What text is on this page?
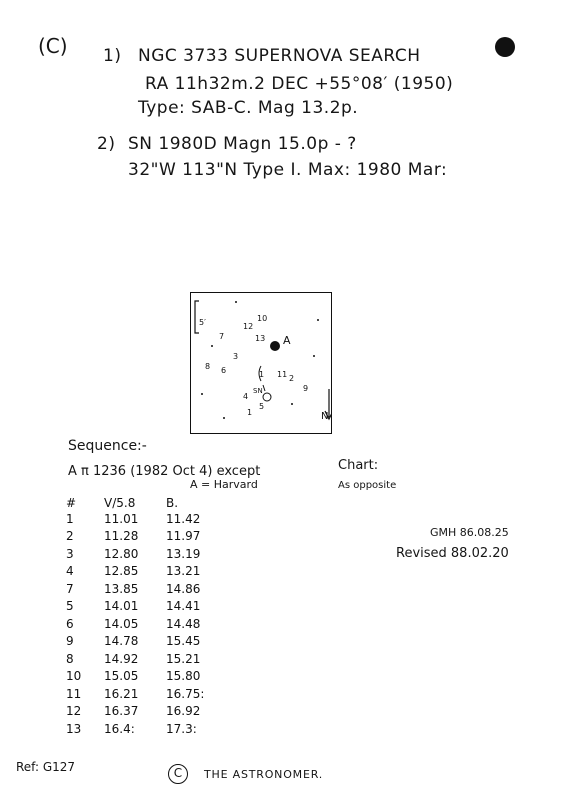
(C) 1) NGC 3733 SUPERNOVA SEARCH
RA 11h32m.2 DEC +55°08′ (1950)
Type: SAB-C. Mag 13.2p.
2) SN 1980D Magn 15.0p - ?
32"W 113"N Type I. Max: 1980 Mar:
5′
A
SN
N
10
12
13
7
3
8 6	1 11 2
9
4
5
1
Sequence:-
A π 1236 (1982 Oct 4) except
A = Harvard
Chart:
As opposite
#	V/5.8	B.
1	11.01	11.42
2	11.28	11.97
3	12.80	13.19
4	12.85	13.21
7	13.85	14.86
5	14.01	14.41
6	14.05	14.48
9	14.78	15.45
8	14.92	15.21
10	15.05	15.80
11	16.21	16.75:
12	16.37	16.92
13	16.4:	17.3:
GMH 86.08.25
Revised 88.02.20
Ref: G127	C	THE ASTRONOMER.
